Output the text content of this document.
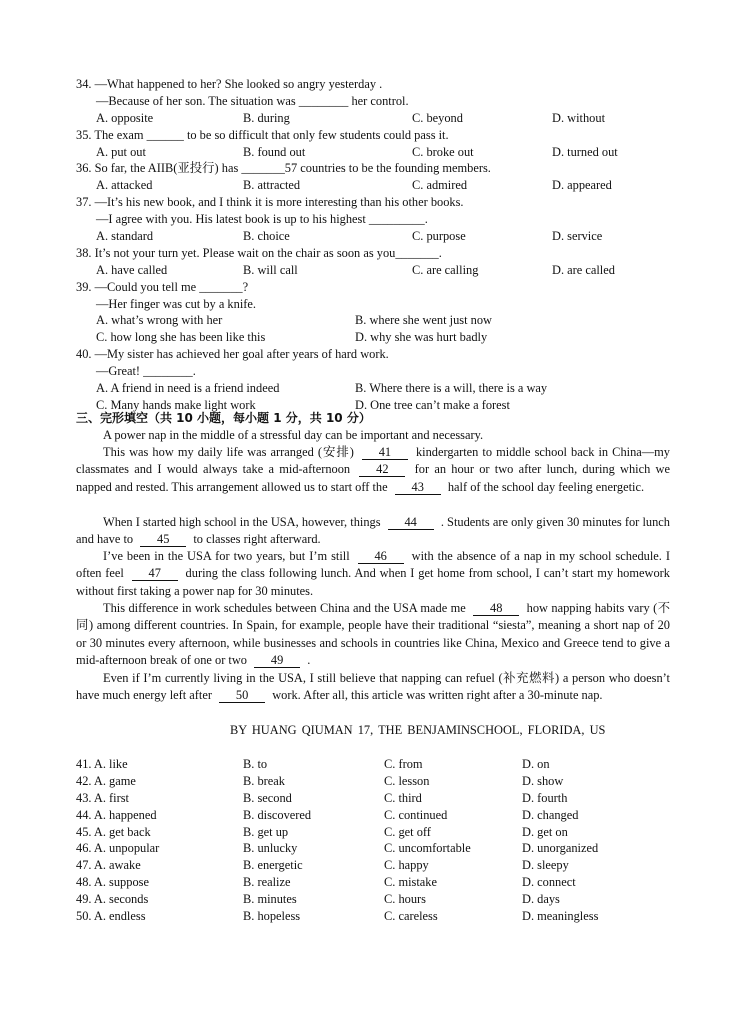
34. —What happened to her? She looked so angry yesterday .
—Because of her son. The situation was ________ her control.
A. opposite	B. during	C. beyond	D. without
35. The exam ______ to be so difficult that only few students could pass it.
A. put out	B. found out	C. broke out	D. turned out
36. So far, the AIIB(亚投行) has _______57 countries to be the founding members.
A. attacked	B. attracted	C. admired	D. appeared
37. —It’s his new book, and I think it is more interesting than his other books.
—I agree with you. His latest book is up to his highest _________.
A. standard	B. choice	C. purpose	D. service
38. It’s not your turn yet. Please wait on the chair as soon as you_______.
A. have called	B. will call	C. are calling	D. are called
39. —Could you tell me _______?
—Her finger was cut by a knife.
A. what’s wrong with her	B. where she went just now
C. how long she has been like this	D. why she was hurt badly
40. —My sister has achieved her goal after years of hard work.
—Great! ________.
A. A friend in need is a friend indeed	B. Where there is a will, there is a way
C. Many hands make light work	D. One tree can’t make a forest
三、完形填空（共 10 小题，每小题 1 分，共 10 分）
A power nap in the middle of a stressful day can be important and necessary.
This was how my daily life was arranged (安排) 41 kindergarten to middle school back in China—my classmates and I would always take a mid-afternoon 42 for an hour or two after lunch, during which we napped and rested. This arrangement allowed us to start off the 43 half of the school day feeling energetic.
When I started high school in the USA, however, things 44 . Students are only given 30 minutes for lunch and have to 45 to classes right afterward.
I’ve been in the USA for two years, but I’m still 46 with the absence of a nap in my school schedule. I often feel 47 during the class following lunch. And when I get home from school, I can’t start my homework without first taking a power nap for 30 minutes.
This difference in work schedules between China and the USA made me 48 how napping habits vary (不同) among different countries. In Spain, for example, people have their traditional “siesta”, meaning a short nap of 20 or 30 minutes every afternoon, while businesses and schools in countries like China, Mexico and Greece tend to give a mid-afternoon break of one or two 49 .
Even if I’m currently living in the USA, I still believe that napping can refuel (补充燃料) a person who doesn’t have much energy left after 50 work. After all, this article was written right after a 30-minute nap.
BY HUANG QIUMAN 17, THE BENJAMINSCHOOL, FLORIDA, US
41. A. like	B. to	C. from	D. on
42. A. game	B. break	C. lesson	D. show
43. A. first	B. second	C. third	D. fourth
44. A. happened	B. discovered	C. continued	D. changed
45. A. get back	B. get up	C. get off	D. get on
46. A. unpopular	B. unlucky	C. uncomfortable	D. unorganized
47. A. awake	B. energetic	C. happy	D. sleepy
48. A. suppose	B. realize	C. mistake	D. connect
49. A. seconds	B. minutes	C. hours	D. days
50. A. endless	B. hopeless	C. careless	D. meaningless
